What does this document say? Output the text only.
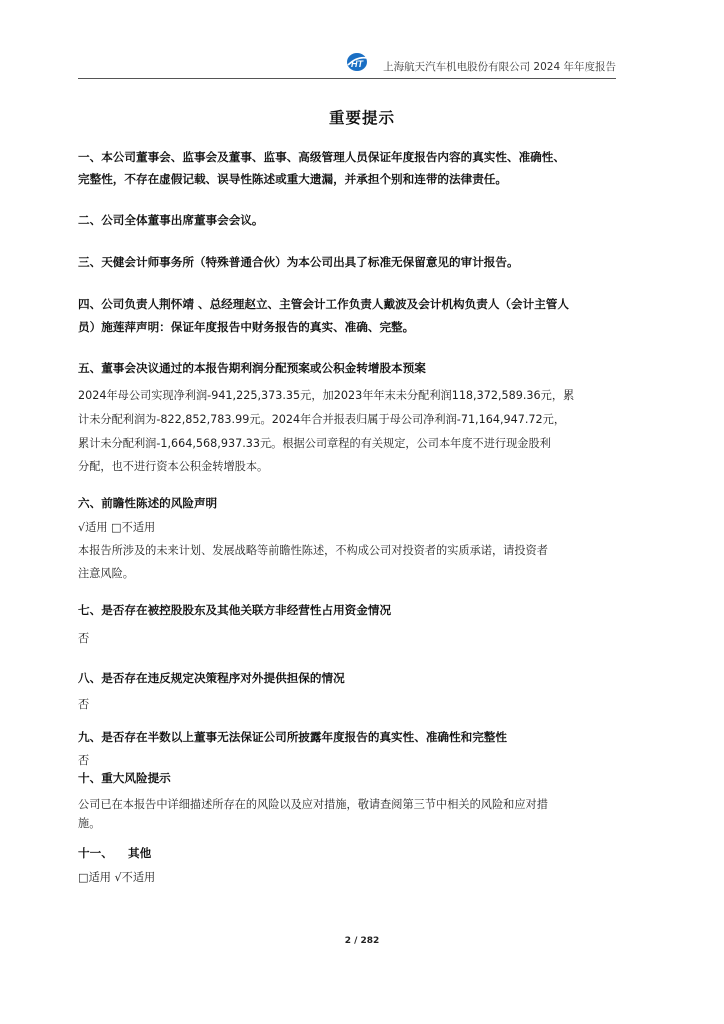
HT 上海航天汽车机电股份有限公司 2024 年年度报告
重要提示
一、本公司董事会、监事会及董事、监事、高级管理人员保证年度报告内容的真实性、准确性、
完整性，不存在虚假记载、误导性陈述或重大遗漏，并承担个别和连带的法律责任。
二、公司全体董事出席董事会会议。
三、天健会计师事务所（特殊普通合伙）为本公司出具了标准无保留意见的审计报告。
四、公司负责人荆怀靖 、总经理赵立、主管会计工作负责人戴波及会计机构负责人（会计主管人
员）施莲萍声明：保证年度报告中财务报告的真实、准确、完整。
五、董事会决议通过的本报告期利润分配预案或公积金转增股本预案
2024年母公司实现净利润-941,225,373.35元，加2023年年末未分配利润118,372,589.36元，累
计未分配利润为-822,852,783.99元。2024年合并报表归属于母公司净利润-71,164,947.72元，
累计未分配利润-1,664,568,937.33元。根据公司章程的有关规定，公司本年度不进行现金股利
分配，也不进行资本公积金转增股本。
六、前瞻性陈述的风险声明
√适用 □不适用
本报告所涉及的未来计划、发展战略等前瞻性陈述，不构成公司对投资者的实质承诺，请投资者
注意风险。
七、是否存在被控股股东及其他关联方非经营性占用资金情况
否
八、是否存在违反规定决策程序对外提供担保的情况
否
九、是否存在半数以上董事无法保证公司所披露年度报告的真实性、准确性和完整性
否
十、重大风险提示
公司已在本报告中详细描述所存在的风险以及应对措施，敬请查阅第三节中相关的风险和应对措
施。
十一、 其他
□适用 √不适用
2 / 282
